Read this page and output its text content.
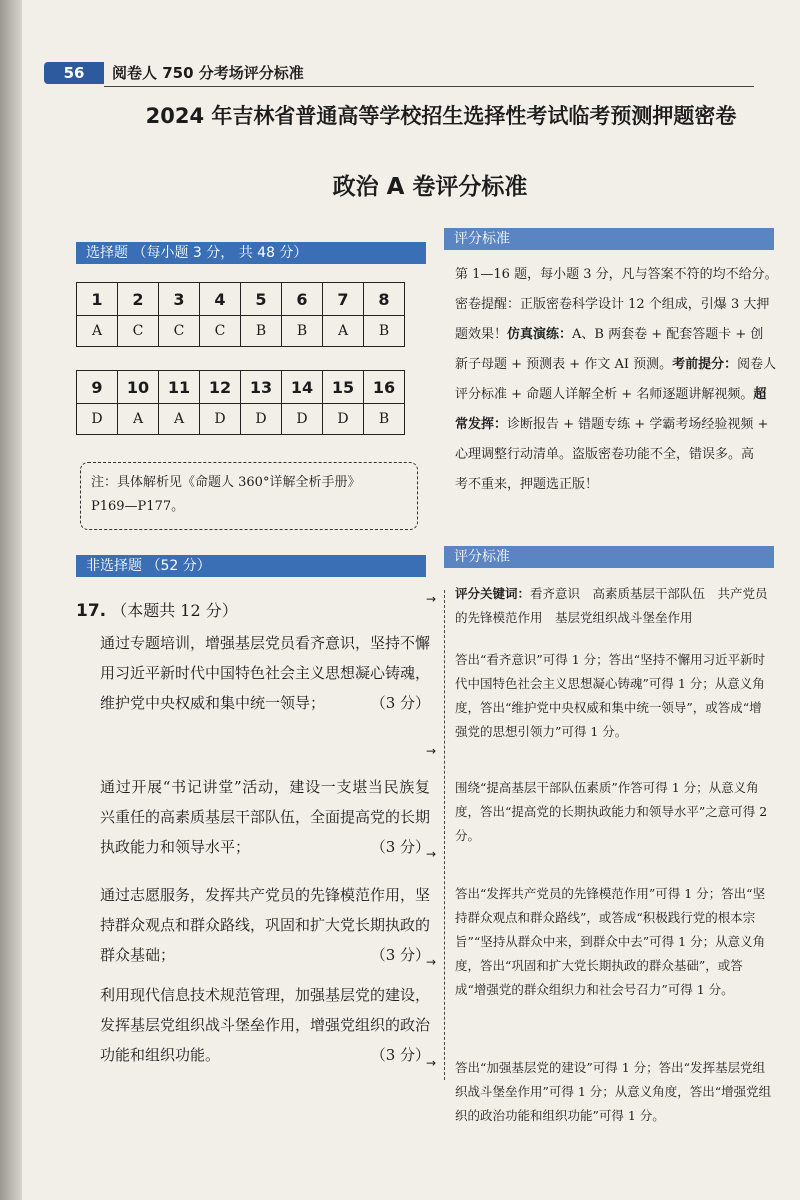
56 阅卷人 750 分考场评分标准
2024 年吉林省普通高等学校招生选择性考试临考预测押题密卷
政治 A 卷评分标准
选择题 （每小题 3 分， 共 48 分）
1	2	3	4
A	C	C	C
5	6	7	8
B	B	A	B
9	10	11	12
D	A	A	D
13	14	15	16
D	D	D	B
注：具体解析见《命题人 360°详解全析手册》
P169—P177。
评分标准
第 1—16 题，每小题 3 分，凡与答案不符的均不给分。
密卷提醒：正版密卷科学设计 12 个组成，引爆 3 大押
题效果！仿真演练：A、B 两套卷 + 配套答题卡 + 创
新子母题 + 预测表 + 作文 AI 预测。考前提分：阅卷人
评分标准 + 命题人详解全析 + 名师逐题讲解视频。超
常发挥：诊断报告 + 错题专练 + 学霸考场经验视频 +
心理调整行动清单。盗版密卷功能不全，错误多。高
考不重来，押题选正版！
非选择题 （52 分）
评分标准
17. （本题共 12 分）
通过专题培训，增强基层党员看齐意识，坚持不懈用习近平新时代中国特色社会主义思想凝心铸魂，维护党中央权威和集中统一领导；	（3 分）
通过开展“书记讲堂”活动，建设一支堪当民族复兴重任的高素质基层干部队伍，全面提高党的长期执政能力和领导水平；	（3 分）
通过志愿服务，发挥共产党员的先锋模范作用，坚持群众观点和群众路线，巩固和扩大党长期执政的群众基础；	（3 分）
利用现代信息技术规范管理，加强基层党的建设，发挥基层党组织战斗堡垒作用，增强党组织的政治功能和组织功能。	（3 分）
→
→
→
→
→
评分关键词：看齐意识　高素质基层干部队伍　共产党员的先锋模范作用　基层党组织战斗堡垒作用
答出“看齐意识”可得 1 分；答出“坚持不懈用习近平新时代中国特色社会主义思想凝心铸魂”可得 1 分；从意义角度，答出“维护党中央权威和集中统一领导”，或答成“增强党的思想引领力”可得 1 分。
围绕“提高基层干部队伍素质”作答可得 1 分；从意义角度，答出“提高党的长期执政能力和领导水平”之意可得 2 分。
答出“发挥共产党员的先锋模范作用”可得 1 分；答出“坚持群众观点和群众路线”，或答成“积极践行党的根本宗旨”“坚持从群众中来，到群众中去”可得 1 分；从意义角度，答出“巩固和扩大党长期执政的群众基础”，或答成“增强党的群众组织力和社会号召力”可得 1 分。
答出“加强基层党的建设”可得 1 分；答出“发挥基层党组织战斗堡垒作用”可得 1 分；从意义角度，答出“增强党组织的政治功能和组织功能”可得 1 分。
